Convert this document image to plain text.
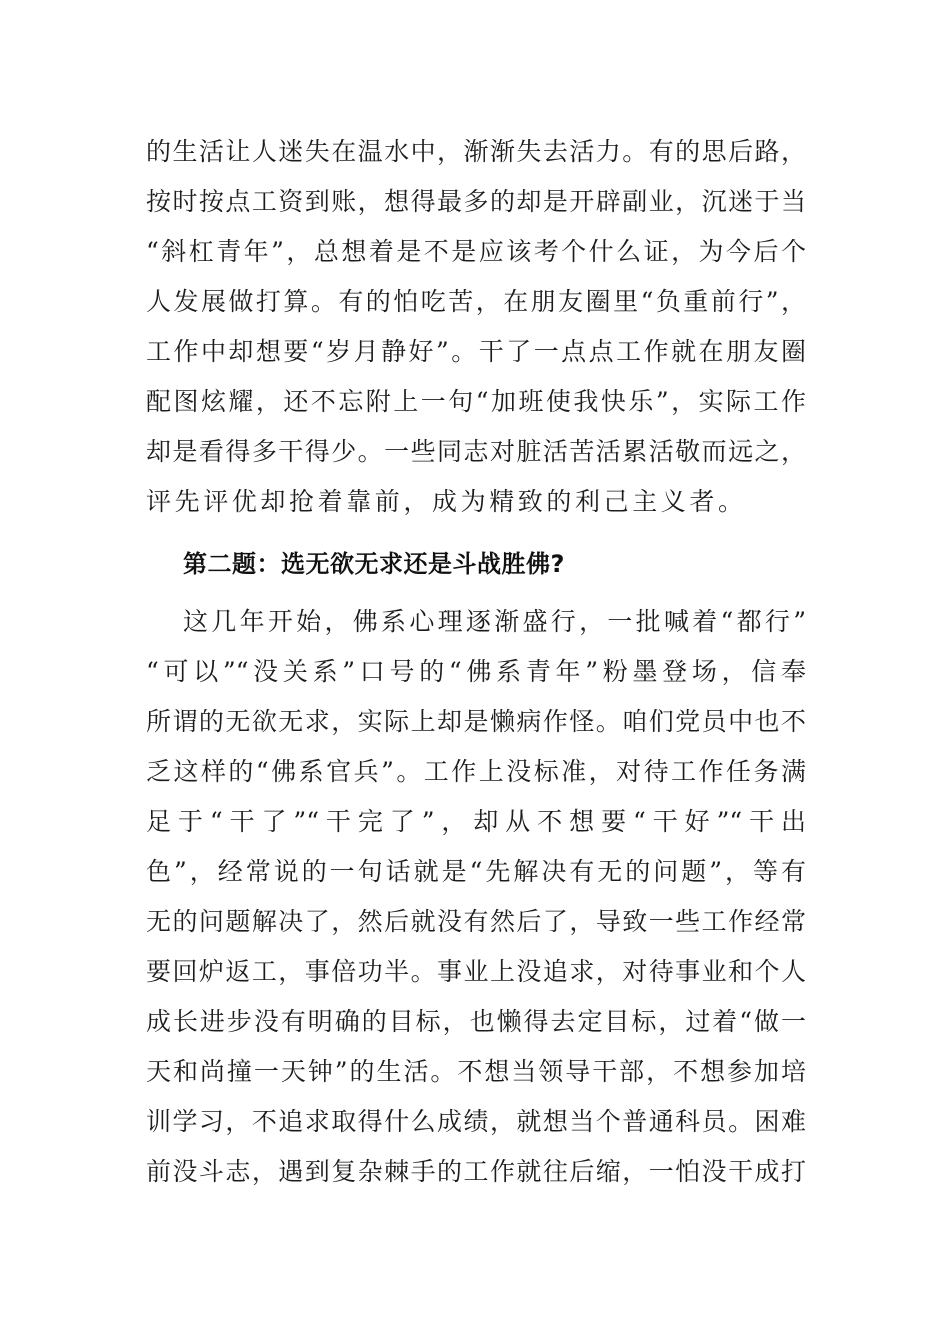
的生活让人迷失在温水中，渐渐失去活力。有的思后路，
按时按点工资到账，想得最多的却是开辟副业，沉迷于当
“斜杠青年”，总想着是不是应该考个什么证，为今后个
人发展做打算。有的怕吃苦，在朋友圈里“负重前行”，
工作中却想要“岁月静好”。干了一点点工作就在朋友圈
配图炫耀，还不忘附上一句“加班使我快乐”，实际工作
却是看得多干得少。一些同志对脏活苦活累活敬而远之，
评先评优却抢着靠前，成为精致的利己主义者。
第二题：选无欲无求还是斗战胜佛?
这几年开始，佛系心理逐渐盛行，一批喊着“都行”
“可以”“没关系”口号的“佛系青年”粉墨登场，信奉
所谓的无欲无求，实际上却是懒病作怪。咱们党员中也不
乏这样的“佛系官兵”。工作上没标准，对待工作任务满
足于“干了”“干完了”，却从不想要“干好”“干出
色”，经常说的一句话就是“先解决有无的问题”，等有
无的问题解决了，然后就没有然后了，导致一些工作经常
要回炉返工，事倍功半。事业上没追求，对待事业和个人
成长进步没有明确的目标，也懒得去定目标，过着“做一
天和尚撞一天钟”的生活。不想当领导干部，不想参加培
训学习，不追求取得什么成绩，就想当个普通科员。困难
前没斗志，遇到复杂棘手的工作就往后缩，一怕没干成打
